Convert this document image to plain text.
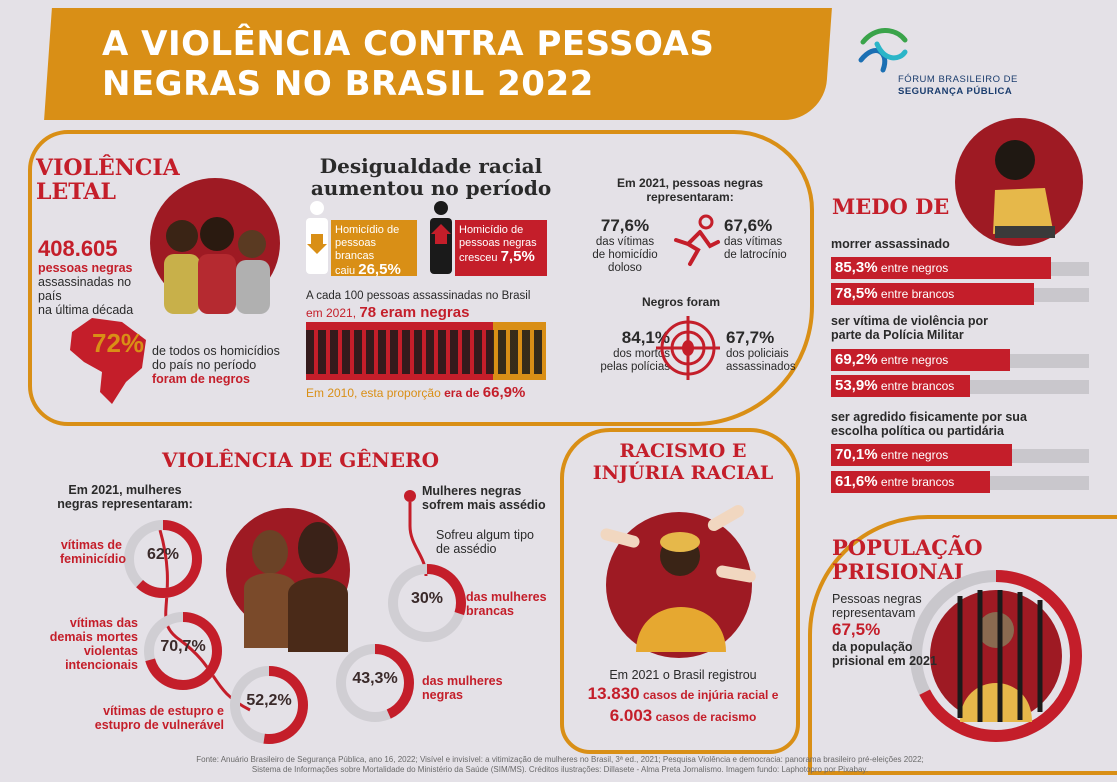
A VIOLÊNCIA CONTRA PESSOAS
NEGRAS NO BRASIL 2022	FÓRUM BRASILEIRO DE
SEGURANÇA PÚBLICA
VIOLÊNCIA
LETAL
408.605
pessoas negras
assassinadas no país
na última década
72% de todos os homicídios
do país no período
foram de negros
Desigualdade racial
aumentou no período
Homicídio de
pessoas brancas
caiu 26,5%
Homicídio de
pessoas negras
cresceu 7,5%
A cada 100 pessoas assassinadas no Brasil
em 2021, 78 eram negras
Em 2010, esta proporção era de 66,9%
Em 2021, pessoas negras
representaram:
77,6%
das vítimas
de homicídio
doloso
67,6%
das vítimas
de latrocínio
Negros foram
84,1%
dos mortos
pelas polícias
67,7%
dos policiais
assassinados
MEDO DE
morrer assassinado
85,3% entre negros
78,5% entre brancos
ser vítima de violência por
parte da Polícia Militar
69,2% entre negros
53,9% entre brancos
ser agredido fisicamente por sua
escolha política ou partidária
70,1% entre negros
61,6% entre brancos
VIOLÊNCIA DE GÊNERO
Em 2021, mulheres
negras representaram:
62%
vítimas de
feminicídio
70,7%
vítimas das
demais mortes
violentas
intencionais
52,2%
vítimas de estupro e
estupro de vulnerável
Mulheres negras
sofrem mais assédio
Sofreu algum tipo
de assédio
30%	das mulheres
brancas
43,3%	das mulheres
negras
RACISMO E
INJÚRIA RACIAL
Em 2021 o Brasil registrou
13.830 casos de injúria racial e
6.003 casos de racismo
POPULAÇÃO
PRISIONAL
Pessoas negras
representavam
67,5%
da população
prisional em 2021
Fonte: Anuário Brasileiro de Segurança Pública, ano 16, 2022; Visível e invisível: a vitimização de mulheres no Brasil, 3ª ed., 2021; Pesquisa Violência e democracia: panorama brasileiro pré-eleições 2022;
Sistema de Informações sobre Mortalidade do Ministério da Saúde (SIM/MS). Créditos ilustrações: Dillasete - Alma Preta Jornalismo. Imagem fundo: Laphotopro por Pixabay.
